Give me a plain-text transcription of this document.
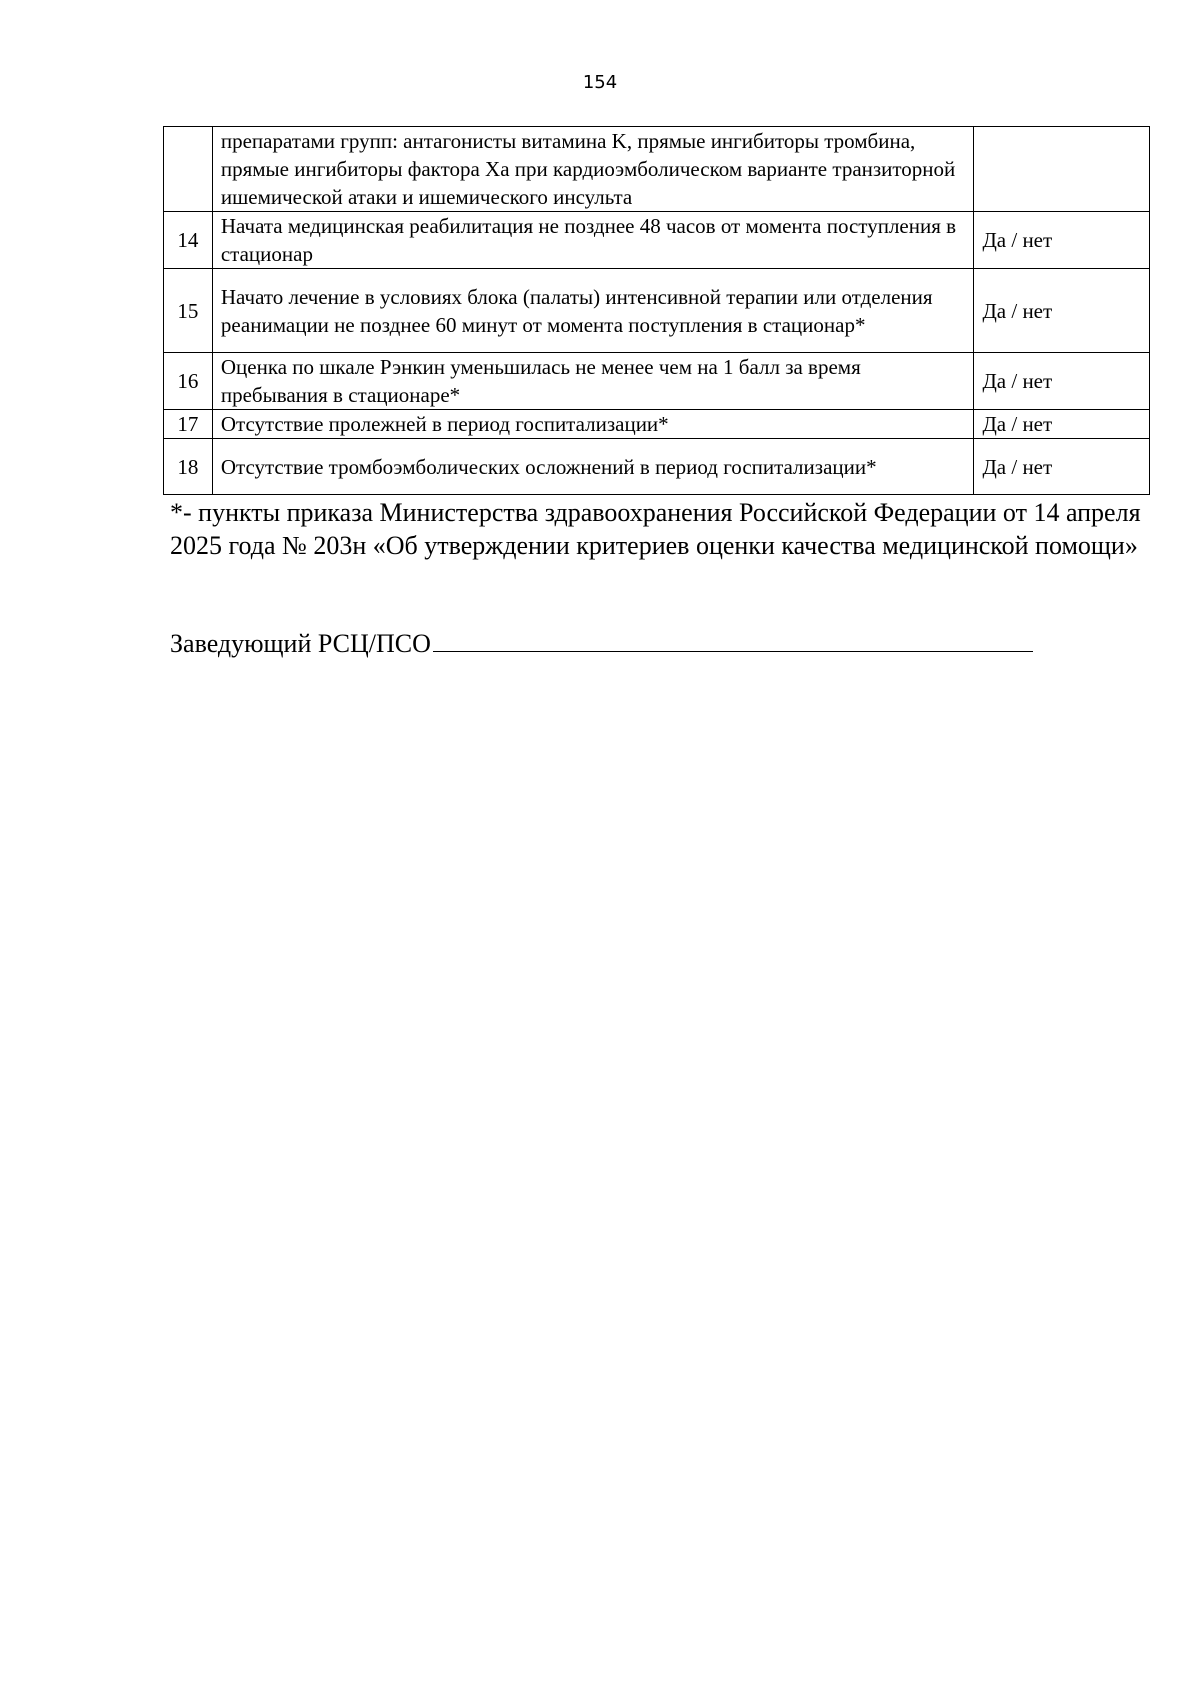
154
	препаратами групп: антагонисты витамина K, прямые ингибиторы тромбина, прямые ингибиторы фактора Xa при кардиоэмболическом варианте транзиторной ишемической атаки и ишемического инсульта	
14	Начата медицинская реабилитация не позднее 48 часов от момента поступления в стационар	Да / нет
15	Начато лечение в условиях блока (палаты) интенсивной терапии или отделения реанимации не позднее 60 минут от момента поступления в стационар*	Да / нет
16	Оценка по шкале Рэнкин уменьшилась не менее чем на 1 балл за время пребывания в стационаре*	Да / нет
17	Отсутствие пролежней в период госпитализации*	Да / нет
18	Отсутствие тромбоэмболических осложнений в период госпитализации*	Да / нет
*- пункты приказа Министерства здравоохранения Российской Федерации от 14 апреля 2025 года № 203н «Об утверждении критериев оценки качества медицинской помощи»
Заведующий РСЦ/ПСО
